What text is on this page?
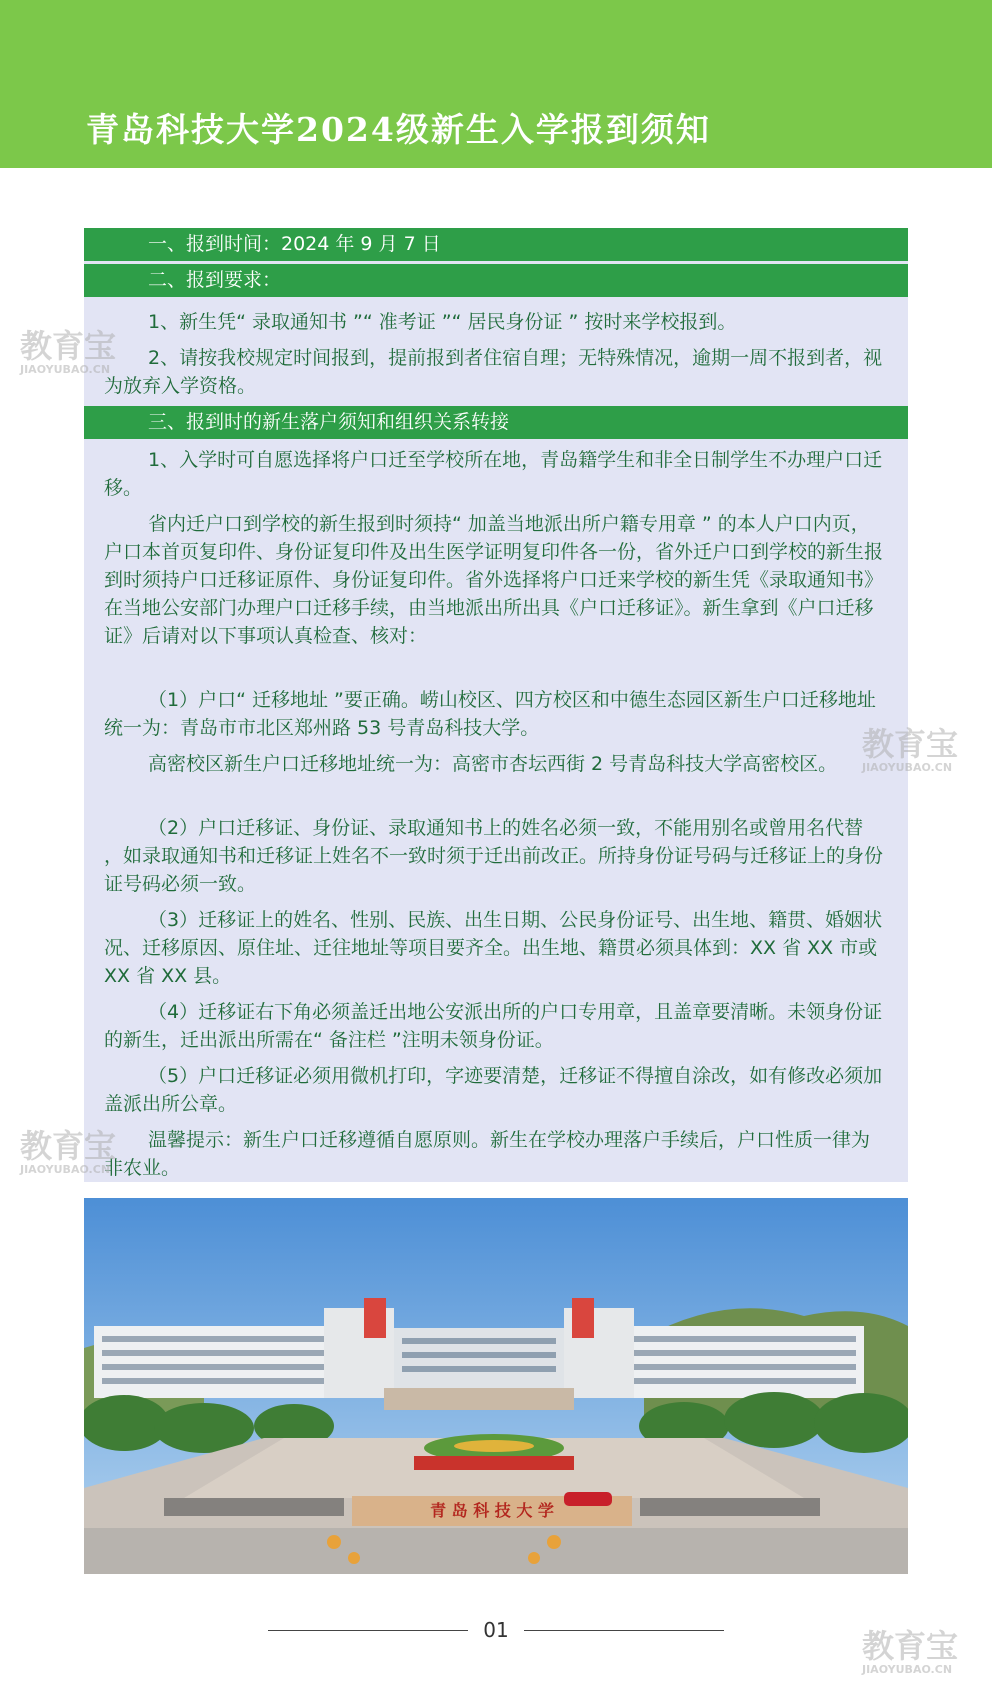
青岛科技大学2024级新生入学报到须知
一、报到时间：2024 年 9 月 7 日
二、报到要求：

1、新生凭“ 录取通知书 ”“ 准考证 ”“ 居民身份证 ” 按时来学校报到。

2、请按我校规定时间报到，提前报到者住宿自理；无特殊情况，逾期一周不报到者，视为放弃入学资格。

三、报到时的新生落户须知和组织关系转接

1、入学时可自愿选择将户口迁至学校所在地，青岛籍学生和非全日制学生不办理户口迁移。

省内迁户口到学校的新生报到时须持“ 加盖当地派出所户籍专用章 ” 的本人户口内页，户口本首页复印件、身份证复印件及出生医学证明复印件各一份，省外迁户口到学校的新生报到时须持户口迁移证原件、身份证复印件。省外选择将户口迁来学校的新生凭《录取通知书》在当地公安部门办理户口迁移手续，由当地派出所出具《户口迁移证》。新生拿到《户口迁移证》后请对以下事项认真检查、核对：

（1）户口“ 迁移地址 ”要正确。崂山校区、四方校区和中德生态园区新生户口迁移地址统一为：青岛市市北区郑州路 53 号青岛科技大学。

高密校区新生户口迁移地址统一为：高密市杏坛西街 2 号青岛科技大学高密校区。

（2）户口迁移证、身份证、录取通知书上的姓名必须一致，不能用别名或曾用名代替 ，如录取通知书和迁移证上姓名不一致时须于迁出前改正。所持身份证号码与迁移证上的身份证号码必须一致。

（3）迁移证上的姓名、性别、民族、出生日期、公民身份证号、出生地、籍贯、婚姻状况、迁移原因、原住址、迁往地址等项目要齐全。出生地、籍贯必须具体到：XX 省 XX 市或 XX 省 XX 县。

（4）迁移证右下角必须盖迁出地公安派出所的户口专用章，且盖章要清晰。未领身份证的新生，迁出派出所需在“ 备注栏 ”注明未领身份证。

（5）户口迁移证必须用微机打印，字迹要清楚，迁移证不得擅自涂改，如有修改必须加盖派出所公章。

温馨提示：新生户口迁移遵循自愿原则。新生在学校办理落户手续后，户口性质一律为非农业。

青 岛 科 技 大 学
01
教育宝
JIAOYUBAO.CN
教育宝
JIAOYUBAO.CN
教育宝
JIAOYUBAO.CN
教育宝
JIAOYUBAO.CN
